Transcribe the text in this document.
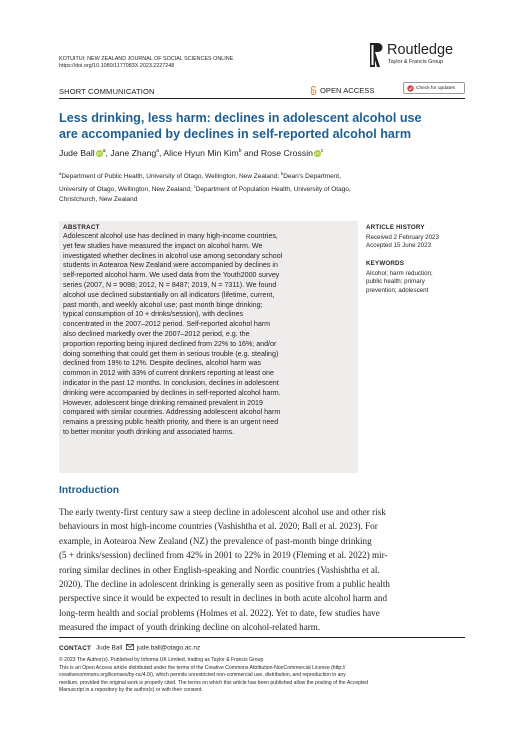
KOTUITUI: NEW ZEALAND JOURNAL OF SOCIAL SCIENCES ONLINE
https://doi.org/10.1080/1177083X.2023.2227248
Routledge
Taylor & Francis Group
SHORT COMMUNICATION	OPEN ACCESS	Check for updates
Less drinking, less harm: declines in adolescent alcohol use
are accompanied by declines in self-reported alcohol harm
Jude Ball $iD^a$, Jane Zhang$^a$, Alice Hyun Min Kim$^b$ and Rose Crossin $iD^c$
$^a$Department of Public Health, University of Otago, Wellington, New Zealand; $^b$Dean’s Department,
University of Otago, Wellington, New Zealand; $^c$Department of Population Health, University of Otago,
Christchurch, New Zealand
ABSTRACT
Adolescent alcohol use has declined in many high-income countries,
yet few studies have measured the impact on alcohol harm. We
investigated whether declines in alcohol use among secondary school
students in Aotearoa New Zealand were accompanied by declines in
self-reported alcohol harm. We used data from the Youth2000 survey
series (2007, N = 9098; 2012, N = 8487; 2019, N = 7311). We found
alcohol use declined substantially on all indicators (lifetime, current,
past month, and weekly alcohol use; past month binge drinking;
typical consumption of 10 + drinks/session), with declines
concentrated in the 2007–2012 period. Self-reported alcohol harm
also declined markedly over the 2007–2012 period, e.g. the
proportion reporting being injured declined from 22% to 16%; and/or
doing something that could get them in serious trouble (e.g. stealing)
declined from 19% to 12%. Despite declines, alcohol harm was
common in 2012 with 33% of current drinkers reporting at least one
indicator in the past 12 months. In conclusion, declines in adolescent
drinking were accompanied by declines in self-reported alcohol harm.
However, adolescent binge drinking remained prevalent in 2019
compared with similar countries. Addressing adolescent alcohol harm
remains a pressing public health priority, and there is an urgent need
to better monitor youth drinking and associated harms.
ARTICLE HISTORY
Received 2 February 2023
Accepted 15 June 2023
KEYWORDS
Alcohol; harm reduction;
public health; primary
prevention; adolescent
Introduction
The early twenty-first century saw a steep decline in adolescent alcohol use and other risk
behaviours in most high-income countries (Vashishtha et al. 2020; Ball et al. 2023). For
example, in Aotearoa New Zealand (NZ) the prevalence of past-month binge drinking
(5 + drinks/session) declined from 42% in 2001 to 22% in 2019 (Fleming et al. 2022) mir-
roring similar declines in other English-speaking and Nordic countries (Vashishtha et al.
2020). The decline in adolescent drinking is generally seen as positive from a public health
perspective since it would be expected to result in declines in both acute alcohol harm and
long-term health and social problems (Holmes et al. 2022). Yet to date, few studies have
measured the impact of youth drinking decline on alcohol-related harm.
CONTACT Jude Ball jude.ball@otago.ac.nz
© 2023 The Author(s). Published by Informa UK Limited, trading as Taylor & Francis Group
This is an Open Access article distributed under the terms of the Creative Commons Attribution-NonCommercial License (http://
creativecommons.org/licenses/by-nc/4.0/), which permits unrestricted non-commercial use, distribution, and reproduction in any
medium, provided the original work is properly cited. The terms on which this article has been published allow the posting of the Accepted
Manuscript in a repository by the author(s) or with their consent.
